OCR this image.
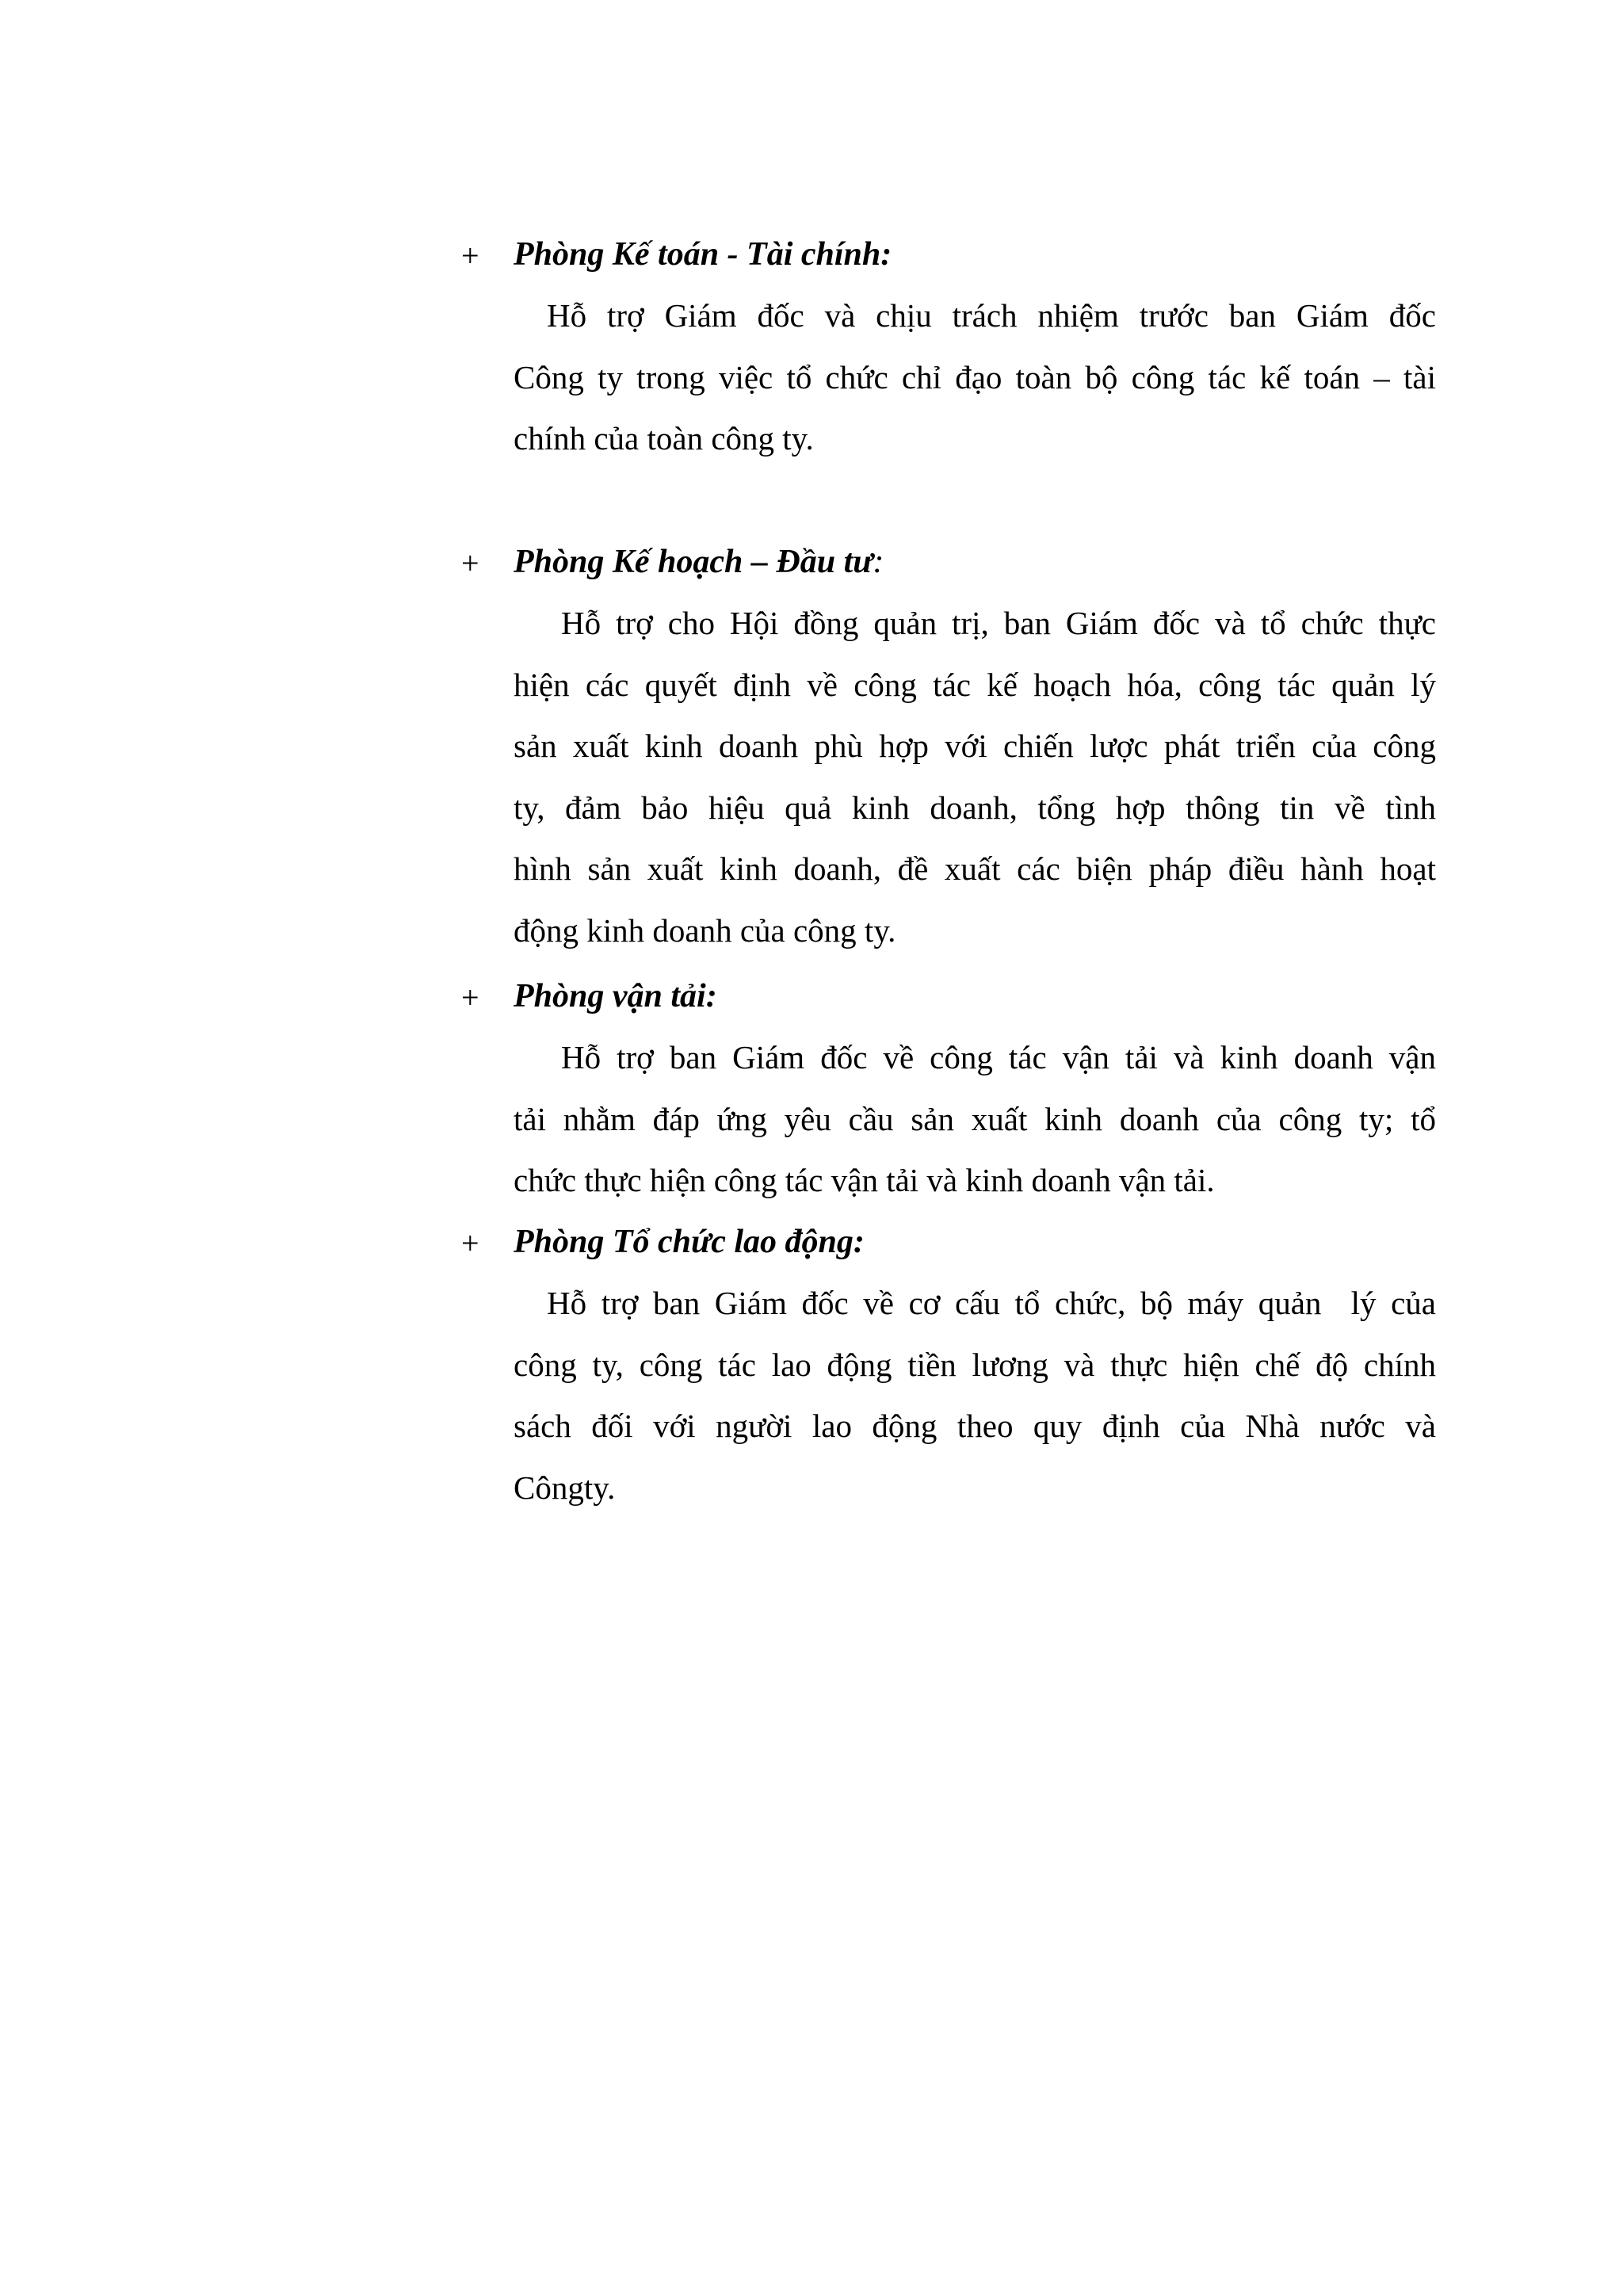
+ Phòng Kế toán - Tài chính:

Hỗ trợ Giám đốc và chịu trách nhiệm trước ban Giám đốc
Công ty trong việc tổ chức chỉ đạo toàn bộ công tác kế toán – tài
chính của toàn công ty.

+ Phòng Kế hoạch – Đầu tư:

Hỗ trợ cho Hội đồng quản trị, ban Giám đốc và tổ chức thực
hiện các quyết định về công tác kế hoạch hóa, công tác quản lý
sản xuất kinh doanh phù hợp với chiến lược phát triển của công
ty, đảm bảo hiệu quả kinh doanh, tổng hợp thông tin về tình
hình sản xuất kinh doanh, đề xuất các biện pháp điều hành hoạt
động kinh doanh của công ty.

+ Phòng vận tải:

Hỗ trợ ban Giám đốc về công tác vận tải và kinh doanh vận
tải nhằm đáp ứng yêu cầu sản xuất kinh doanh của công ty; tổ
chức thực hiện công tác vận tải và kinh doanh vận tải.

+ Phòng Tổ chức lao động:

Hỗ trợ ban Giám đốc về cơ cấu tổ chức, bộ máy quản  lý của
công ty, công tác lao động tiền lương và thực hiện chế độ chính
sách đối với người lao động theo quy định của Nhà nước và
Côngty.
